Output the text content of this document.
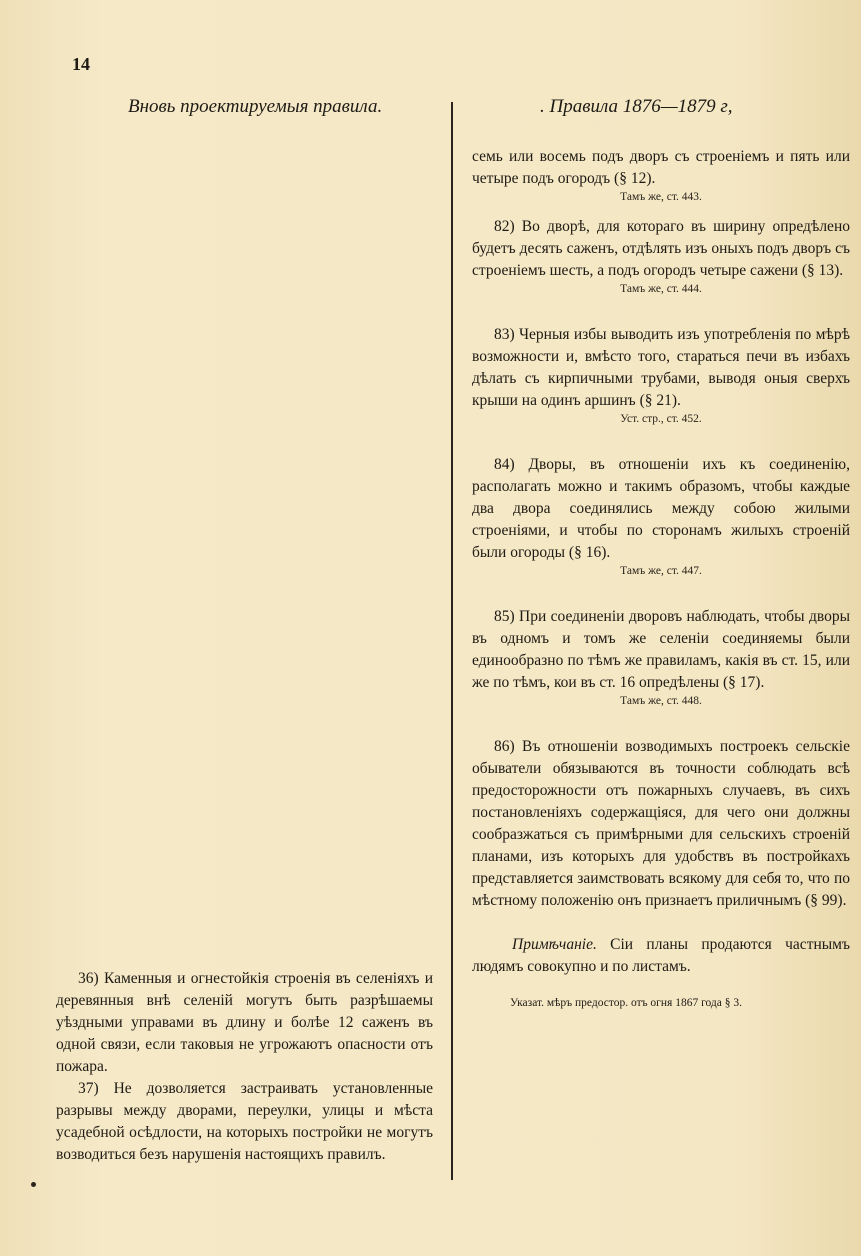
14
Вновь проектируемыя правила.	. Правила 1876—1879 г,

семь или восемь подъ дворъ съ строеніемъ и пять или четыре подъ огородъ (§ 12).

Тамъ же, ст. 443.

82) Во дворѣ, для котораго въ ширину опредѣлено будетъ десять саженъ, отдѣлять изъ оныхъ подъ дворъ съ строеніемъ шесть, а подъ огородъ четыре сажени (§ 13).

Тамъ же, ст. 444.

83) Черныя избы выводить изъ употребленія по мѣрѣ возможности и, вмѣсто того, стараться печи въ избахъ дѣлать съ кирпичными трубами, выводя оныя сверхъ крыши на одинъ аршинъ (§ 21).

Уст. стр., ст. 452.

84) Дворы, въ отношеніи ихъ къ соединенію, располагать можно и такимъ образомъ, чтобы каждые два двора соединялись между собою жилыми строеніями, и чтобы по сторонамъ жилыхъ строеній были огороды (§ 16).

Тамъ же, ст. 447.

85) При соединеніи дворовъ наблюдать, чтобы дворы въ одномъ и томъ же селеніи соединяемы были единообразно по тѣмъ же правиламъ, какія въ ст. 15, или же по тѣмъ, кои въ ст. 16 опредѣлены (§ 17).

Тамъ же, ст. 448.

86) Въ отношеніи возводимыхъ построекъ сельскіе обыватели обязываются въ точности соблюдать всѣ предосторожности отъ пожарныхъ случаевъ, въ сихъ постановленіяхъ содержащіяся, для чего они должны сообразжаться съ примѣрными для сельскихъ строеній планами, изъ которыхъ для удобствъ въ постройкахъ представляется заимствовать всякому для себя то, что по мѣстному положенію онъ признаетъ приличнымъ (§ 99).

Примѣчаніе. Сіи планы продаются частнымъ людямъ совокупно и по листамъ.

Указат. мѣръ предостор. отъ огня 1867 года § 3.

36) Каменныя и огнестойкія строенія въ селеніяхъ и деревянныя внѣ селеній могутъ быть разрѣшаемы уѣздными управами въ длину и болѣе 12 саженъ въ одной связи, если таковыя не угрожаютъ опасности отъ пожара.

37) Не дозволяется застраивать установленные разрывы между дворами, переулки, улицы и мѣста усадебной осѣдлости, на которыхъ постройки не могутъ возводиться безъ нарушенія настоящихъ правилъ.
